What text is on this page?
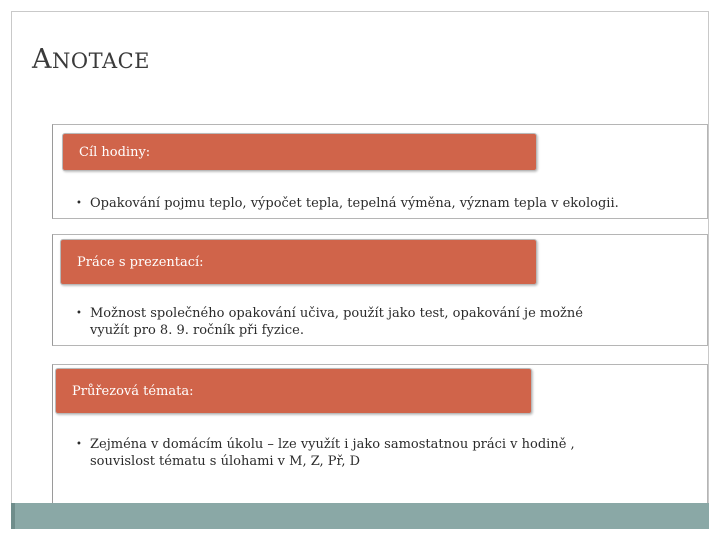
ANOTACE
Cíl hodiny:
• Opakování pojmu teplo, výpočet tepla, tepelná výměna, význam tepla v ekologii.
Práce s prezentací:
• Možnost společného opakování učiva, použít jako test, opakování je možné
využít pro 8. 9. ročník při fyzice.
Průřezová témata:
• Zejména v domácím úkolu – lze využít i jako samostatnou práci v hodině ,
souvislost tématu s úlohami v M, Z, Př, D
